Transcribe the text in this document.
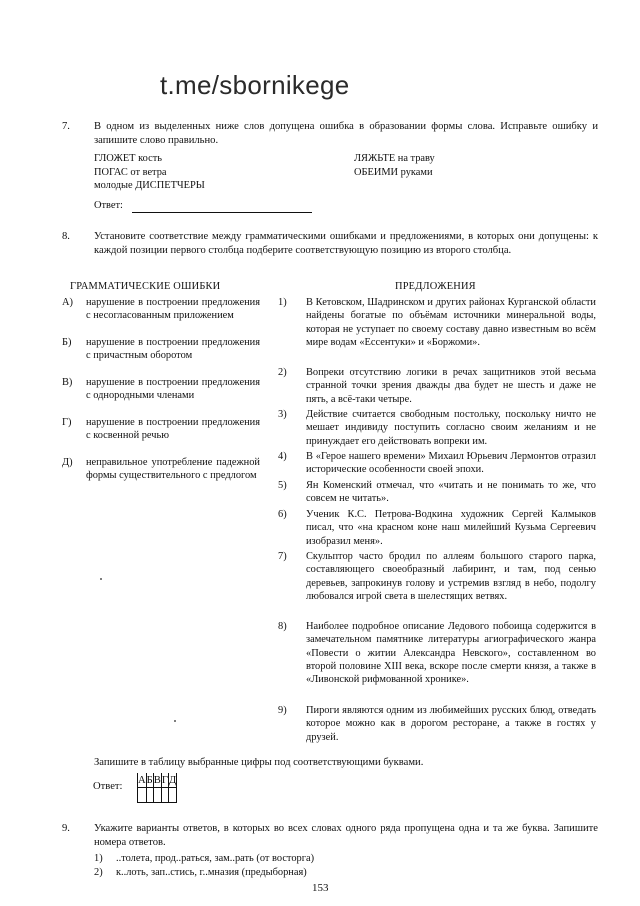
t.me/sbornikege
7.	В одном из выделенных ниже слов допущена ошибка в образовании формы слова. Исправьте ошибку и запишите слово правильно.
ГЛОЖЕТ кость
ПОГАС от ветра
молодые ДИСПЕТЧЕРЫ
ЛЯЖЬТЕ на траву
ОБЕИМИ руками
Ответ:
8.	Установите соответствие между грамматическими ошибками и предложениями, в которых они допущены: к каждой позиции первого столбца подберите соответствующую позицию из второго столбца.
ГРАММАТИЧЕСКИЕ ОШИБКИ	ПРЕДЛОЖЕНИЯ
А)	нарушение в построении предложения с несогласованным приложением
Б)	нарушение в построении предложения с причастным оборотом
В)	нарушение в построении предложения с однородными членами
Г)	нарушение в построении предложения с косвенной речью
Д)	неправильное употребление падежной формы существительного с предлогом
1)	В Кетовском, Шадринском и других районах Курганской области найдены богатые по объёмам источники минеральной воды, которая не уступает по своему составу давно известным во всём мире водам «Ессентуки» и «Боржоми».
2)	Вопреки отсутствию логики в речах защитников этой весьма странной точки зрения дважды два будет не шесть и даже не пять, а всё-таки четыре.
3)	Действие считается свободным постольку, поскольку ничто не мешает индивиду поступить согласно своим желаниям и не принуждает его действовать вопреки им.
4)	В «Герое нашего времени» Михаил Юрьевич Лермонтов отразил исторические особенности своей эпохи.
5)	Ян Коменский отмечал, что «читать и не понимать то же, что совсем не читать».
6)	Ученик К.С. Петрова-Водкина художник Сергей Калмыков писал, что «на красном коне наш милейший Кузьма Сергеевич изобразил меня».
7)	Скульптор часто бродил по аллеям большого старого парка, составляющего своеобразный лабиринт, и там, под сенью деревьев, запрокинув голову и устремив взгляд в небо, подолгу любовался игрой света в шелестящих ветвях.
8)	Наиболее подробное описание Ледового побоища содержится в замечательном памятнике литературы агиографического жанра «Повести о житии Александра Невского», составленном во второй половине XIII века, вскоре после смерти князя, а также в «Ливонской рифмованной хронике».
9)	Пироги являются одним из любимейших русских блюд, отведать которое можно как в дорогом ресторане, а также в гостях у друзей.
Запишите в таблицу выбранные цифры под соответствующими буквами.
Ответ:
А	Б	В	Г	Д

9.	Укажите варианты ответов, в которых во всех словах одного ряда пропущена одна и та же буква. Запишите номера ответов.
1) ..толета, прод..раться, зам..рать (от восторга)
2) к..лоть, зап..стись, г..мназия (предыборная)
153
